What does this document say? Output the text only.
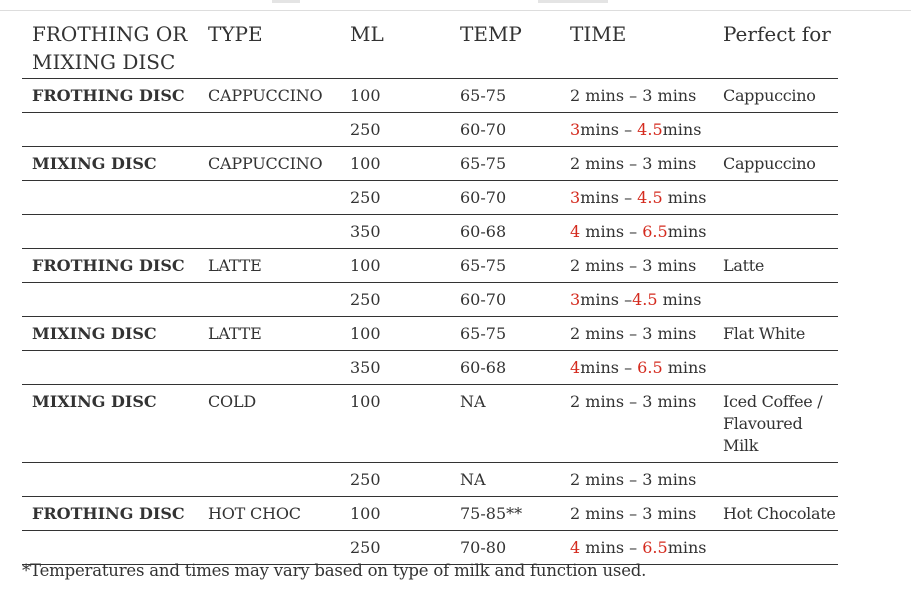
FROTHING OR MIXING DISC	TYPE	ML	TEMP	TIME	Perfect for
FROTHING DISC	CAPPUCCINO	100	65-75	2 mins – 3 mins	Cappuccino
		250	60-70	3mins – 4.5mins	
MIXING DISC	CAPPUCCINO	100	65-75	2 mins – 3 mins	Cappuccino
		250	60-70	3mins – 4.5 mins	
		350	60-68	4 mins – 6.5mins	
FROTHING DISC	LATTE	100	65-75	2 mins – 3 mins	Latte
		250	60-70	3mins –4.5 mins	
MIXING DISC	LATTE	100	65-75	2 mins – 3 mins	Flat White
		350	60-68	4mins – 6.5 mins	
MIXING DISC	COLD	100	NA	2 mins – 3 mins	Iced Coffee / Flavoured Milk
		250	NA	2 mins – 3 mins	
FROTHING DISC	HOT CHOC	100	75-85**	2 mins – 3 mins	Hot Chocolate
		250	70-80	4 mins – 6.5mins	
*Temperatures and times may vary based on type of milk and function used.
